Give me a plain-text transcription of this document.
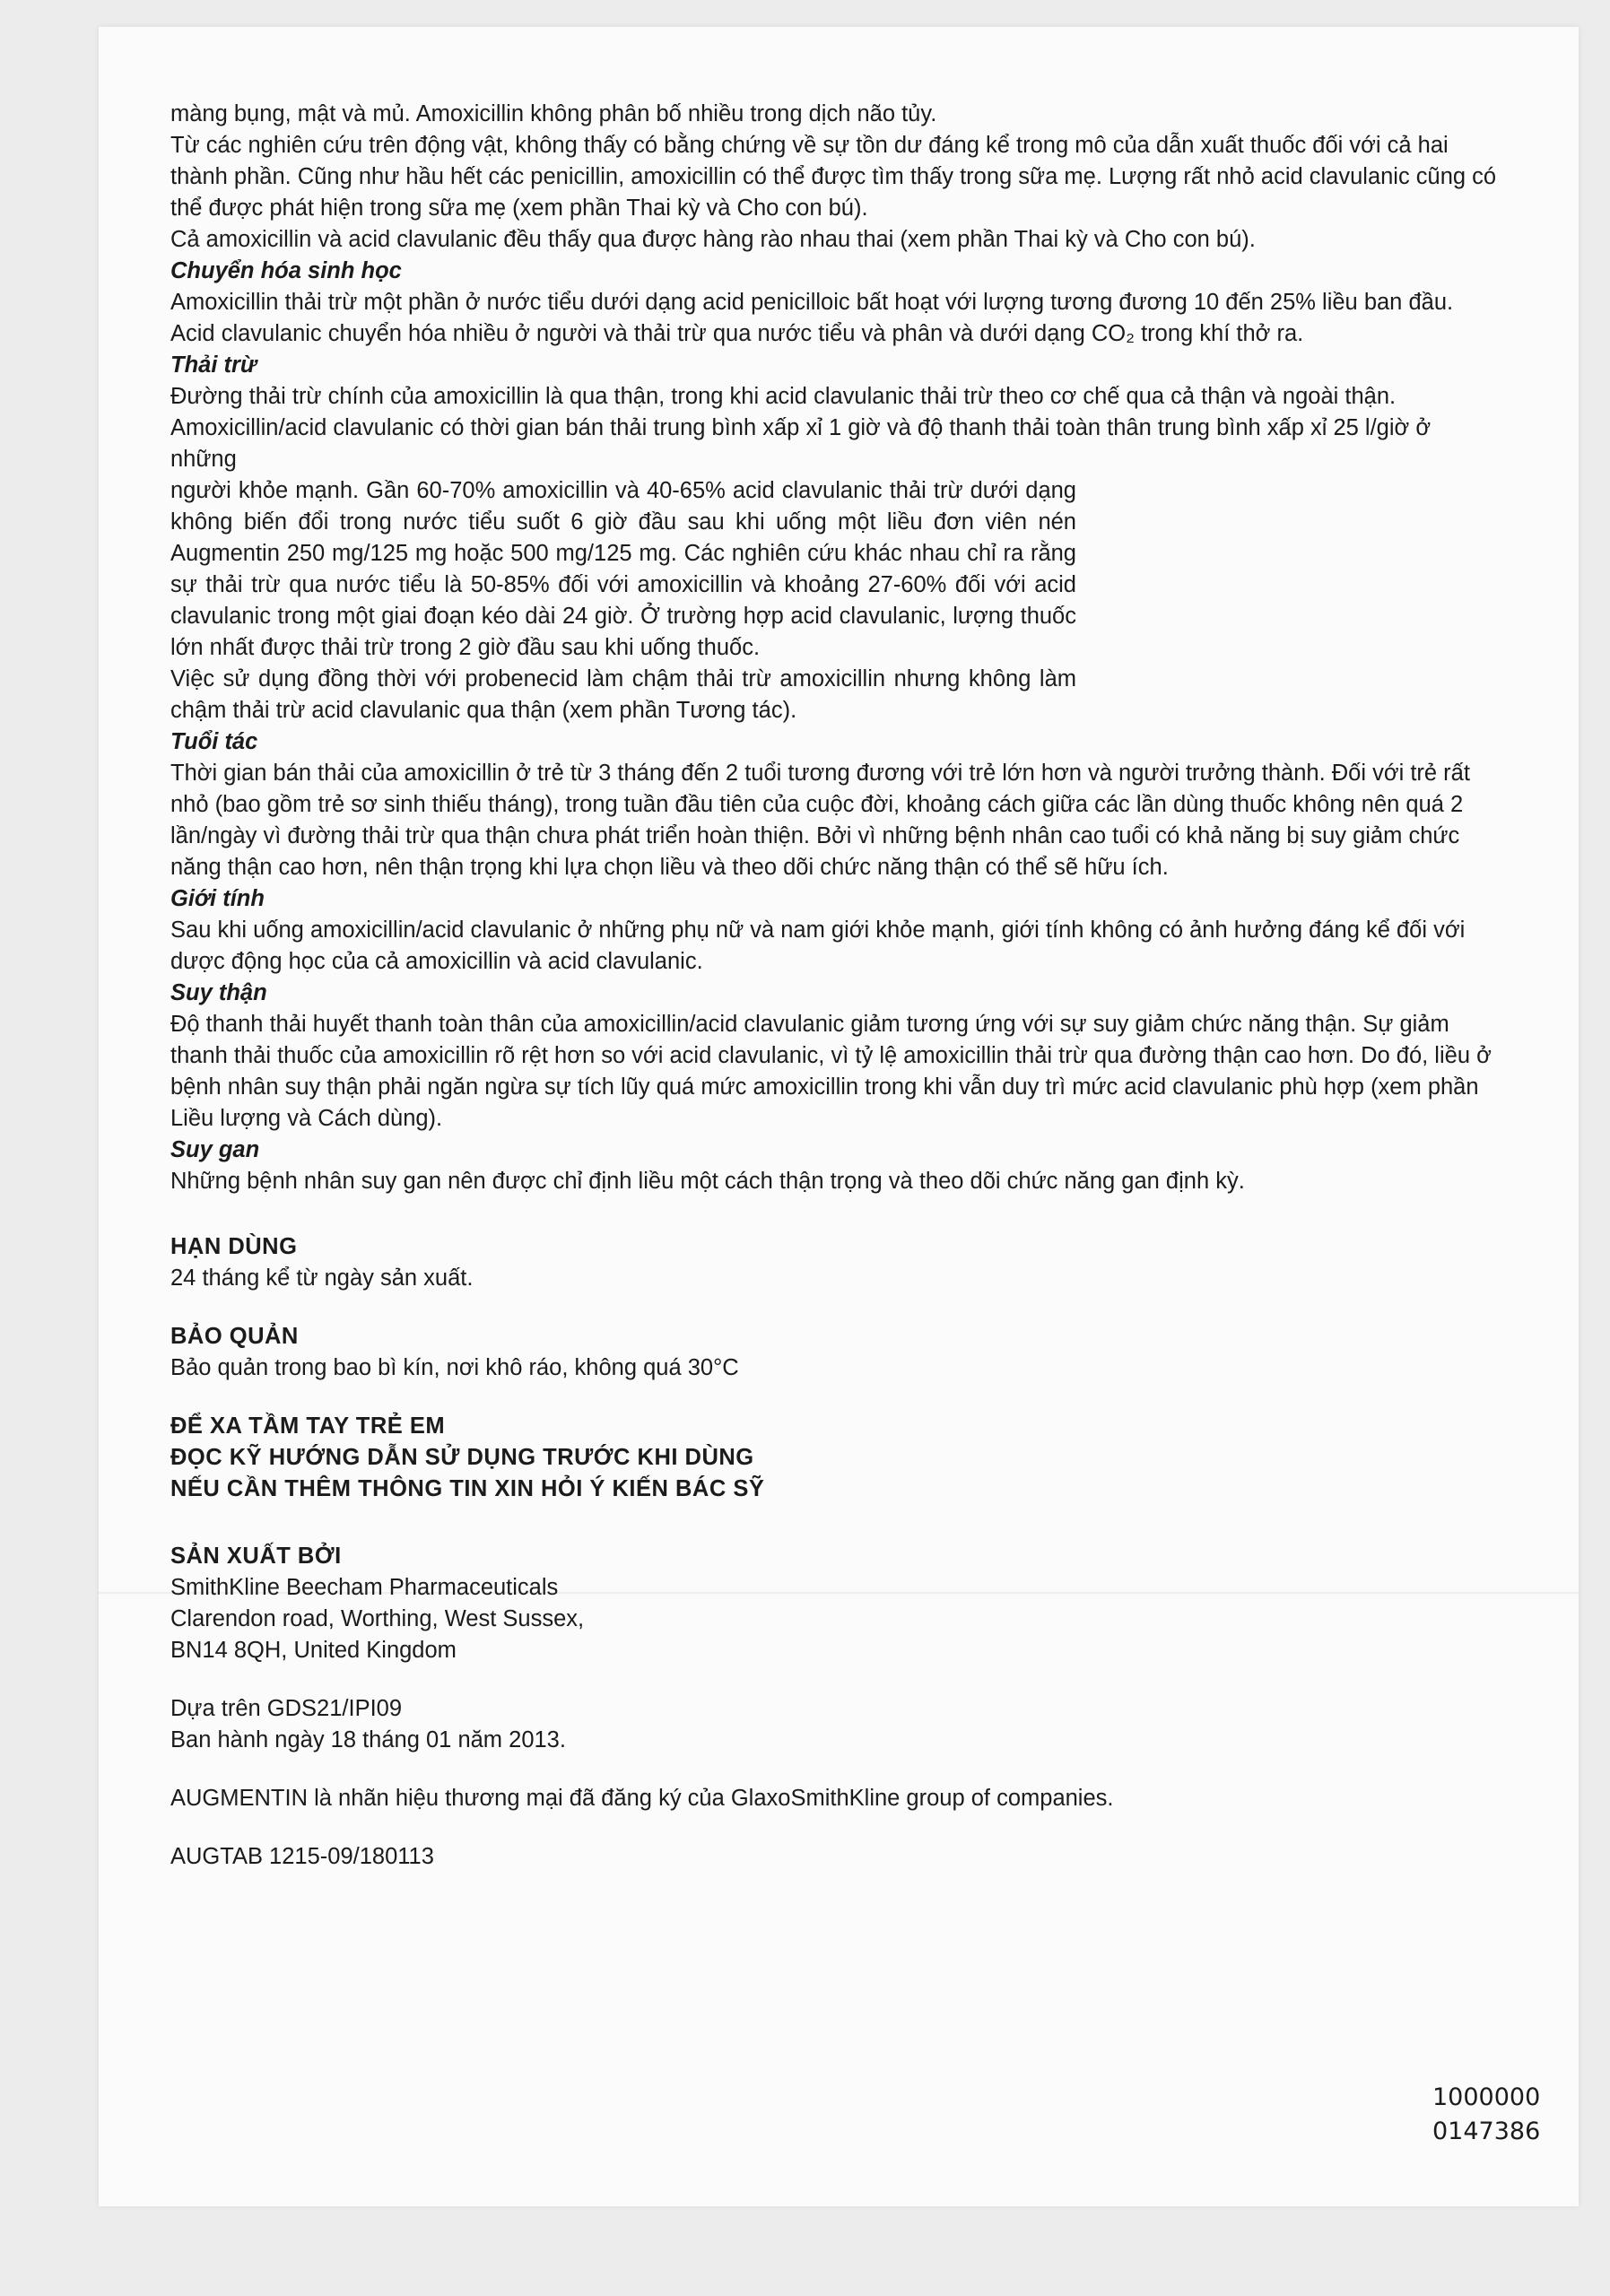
màng bụng, mật và mủ. Amoxicillin không phân bố nhiều trong dịch não tủy.

Từ các nghiên cứu trên động vật, không thấy có bằng chứng về sự tồn dư đáng kể trong mô của dẫn xuất thuốc đối với cả hai thành phần. Cũng như hầu hết các penicillin, amoxicillin có thể được tìm thấy trong sữa mẹ. Lượng rất nhỏ acid clavulanic cũng có thể được phát hiện trong sữa mẹ (xem phần Thai kỳ và Cho con bú).

Cả amoxicillin và acid clavulanic đều thấy qua được hàng rào nhau thai (xem phần Thai kỳ và Cho con bú).

Chuyển hóa sinh học

Amoxicillin thải trừ một phần ở nước tiểu dưới dạng acid penicilloic bất hoạt với lượng tương đương 10 đến 25% liều ban đầu. Acid clavulanic chuyển hóa nhiều ở người và thải trừ qua nước tiểu và phân và dưới dạng CO₂ trong khí thở ra.

Thải trừ

Đường thải trừ chính của amoxicillin là qua thận, trong khi acid clavulanic thải trừ theo cơ chế qua cả thận và ngoài thận.

Amoxicillin/acid clavulanic có thời gian bán thải trung bình xấp xỉ 1 giờ và độ thanh thải toàn thân trung bình xấp xỉ 25 l/giờ ở những

người khỏe mạnh. Gần 60-70% amoxicillin và 40-65% acid clavulanic thải trừ dưới dạng không biến đổi trong nước tiểu suốt 6 giờ đầu sau khi uống một liều đơn viên nén Augmentin 250 mg/125 mg hoặc 500 mg/125 mg. Các nghiên cứu khác nhau chỉ ra rằng sự thải trừ qua nước tiểu là 50-85% đối với amoxicillin và khoảng 27-60% đối với acid clavulanic trong một giai đoạn kéo dài 24 giờ. Ở trường hợp acid clavulanic, lượng thuốc lớn nhất được thải trừ trong 2 giờ đầu sau khi uống thuốc.

Việc sử dụng đồng thời với probenecid làm chậm thải trừ amoxicillin nhưng không làm chậm thải trừ acid clavulanic qua thận (xem phần Tương tác).

Tuổi tác

Thời gian bán thải của amoxicillin ở trẻ từ 3 tháng đến 2 tuổi tương đương với trẻ lớn hơn và người trưởng thành. Đối với trẻ rất nhỏ (bao gồm trẻ sơ sinh thiếu tháng), trong tuần đầu tiên của cuộc đời, khoảng cách giữa các lần dùng thuốc không nên quá 2 lần/ngày vì đường thải trừ qua thận chưa phát triển hoàn thiện. Bởi vì những bệnh nhân cao tuổi có khả năng bị suy giảm chức năng thận cao hơn, nên thận trọng khi lựa chọn liều và theo dõi chức năng thận có thể sẽ hữu ích.

Giới tính

Sau khi uống amoxicillin/acid clavulanic ở những phụ nữ và nam giới khỏe mạnh, giới tính không có ảnh hưởng đáng kể đối với dược động học của cả amoxicillin và acid clavulanic.

Suy thận

Độ thanh thải huyết thanh toàn thân của amoxicillin/acid clavulanic giảm tương ứng với sự suy giảm chức năng thận. Sự giảm thanh thải thuốc của amoxicillin rõ rệt hơn so với acid clavulanic, vì tỷ lệ amoxicillin thải trừ qua đường thận cao hơn. Do đó, liều ở bệnh nhân suy thận phải ngăn ngừa sự tích lũy quá mức amoxicillin trong khi vẫn duy trì mức acid clavulanic phù hợp (xem phần Liều lượng và Cách dùng).

Suy gan

Những bệnh nhân suy gan nên được chỉ định liều một cách thận trọng và theo dõi chức năng gan định kỳ.

HẠN DÙNG

24 tháng kể từ ngày sản xuất.

BẢO QUẢN

Bảo quản trong bao bì kín, nơi khô ráo, không quá 30°C

ĐỂ XA TẦM TAY TRẺ EM

ĐỌC KỸ HƯỚNG DẪN SỬ DỤNG TRƯỚC KHI DÙNG

NẾU CẦN THÊM THÔNG TIN XIN HỎI Ý KIẾN BÁC SỸ

SẢN XUẤT BỞI

SmithKline Beecham Pharmaceuticals

Clarendon road, Worthing, West Sussex,

BN14 8QH, United Kingdom

Dựa trên GDS21/IPI09

Ban hành ngày 18 tháng 01 năm 2013.

AUGMENTIN là nhãn hiệu thương mại đã đăng ký của GlaxoSmithKline group of companies.

AUGTAB 1215-09/180113

1000000
0147386
